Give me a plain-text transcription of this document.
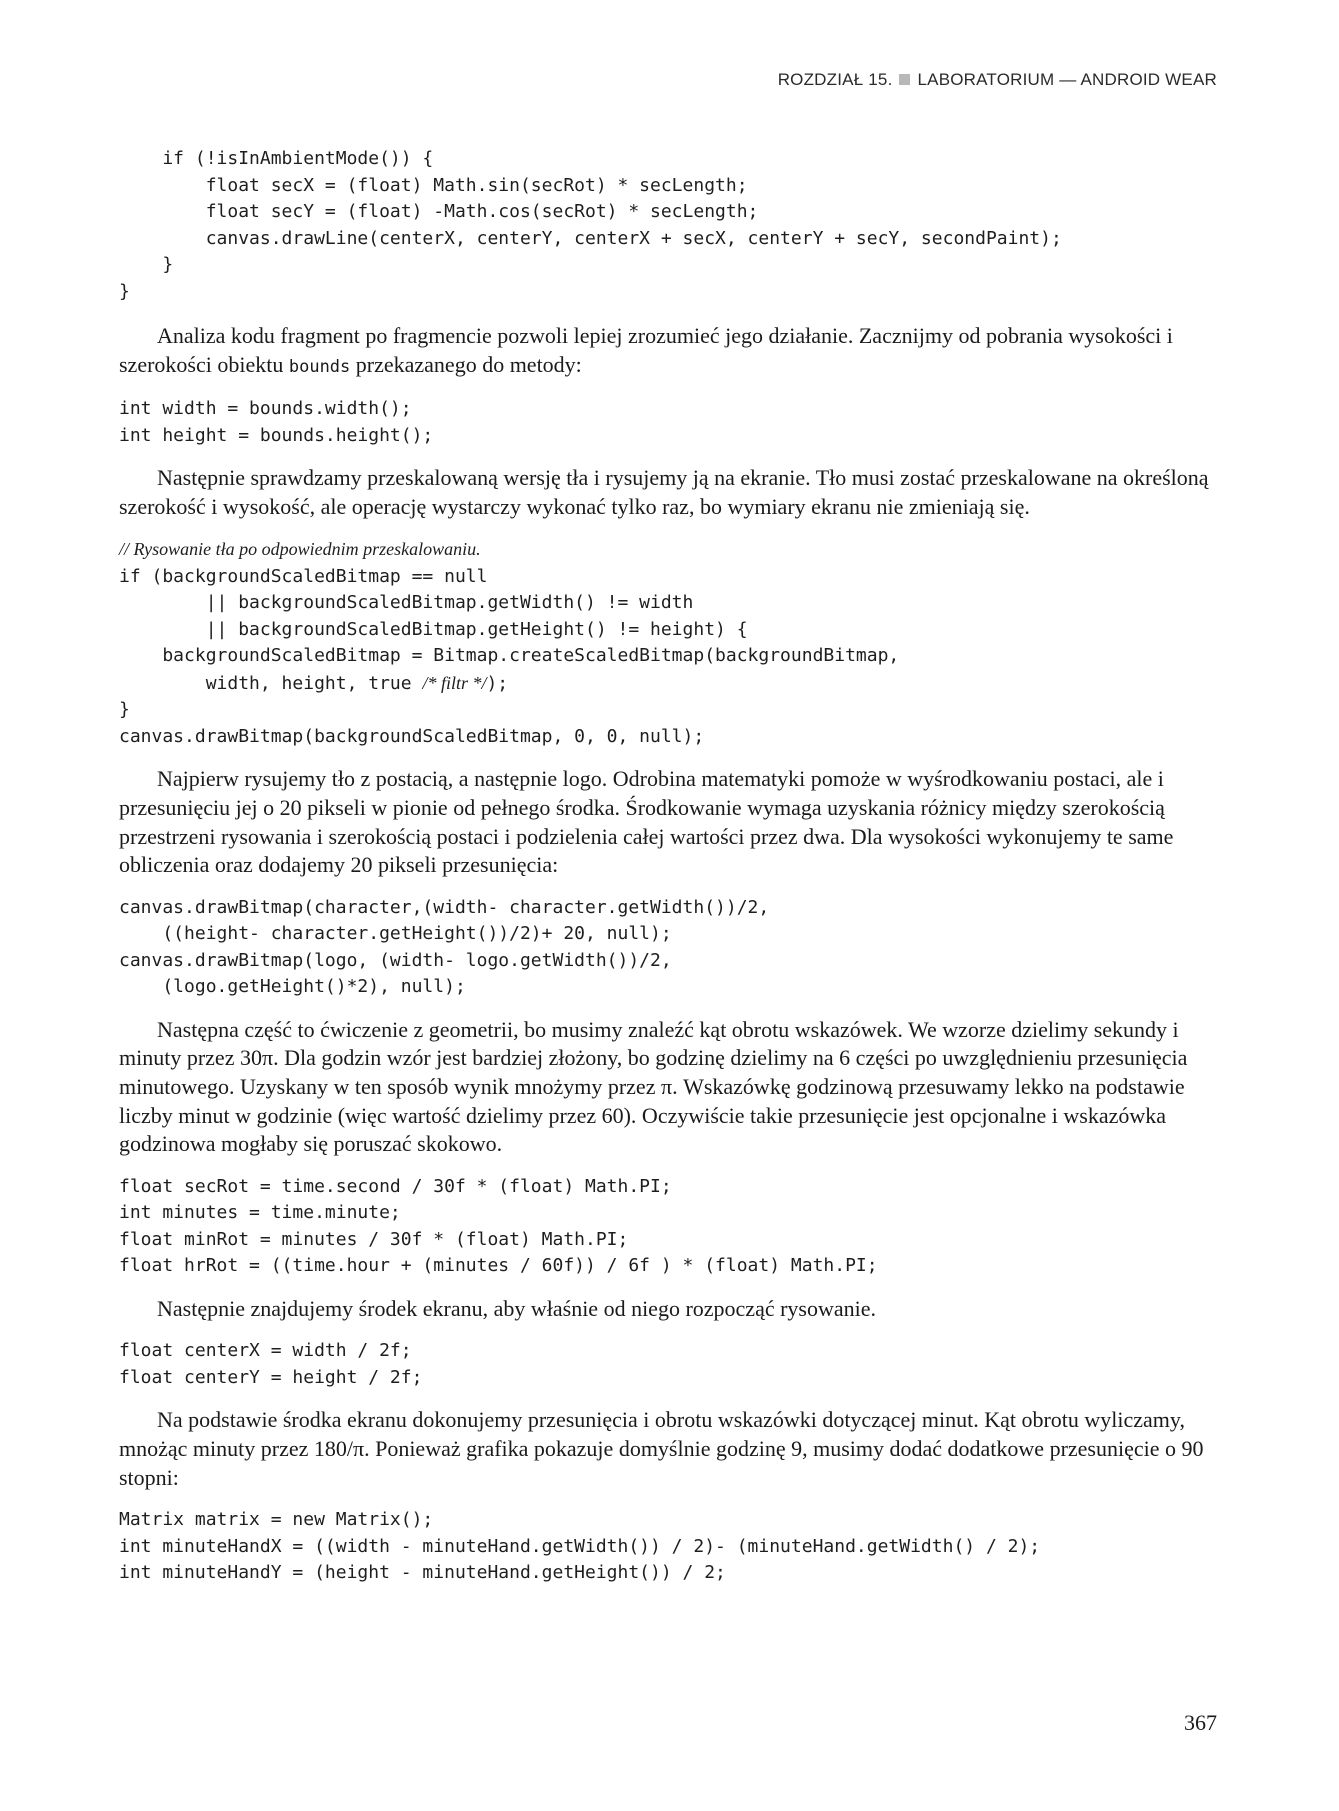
ROZDZIAŁ 15. LABORATORIUM — ANDROID WEAR
if (!isInAmbientMode()) {
float secX = (float) Math.sin(secRot) * secLength;
float secY = (float) -Math.cos(secRot) * secLength;
canvas.drawLine(centerX, centerY, centerX + secX, centerY + secY, secondPaint);
}
}

Analiza kodu fragment po fragmencie pozwoli lepiej zrozumieć jego działanie. Zacznijmy od pobrania wysokości i szerokości obiektu bounds przekazanego do metody:

int width = bounds.width();
int height = bounds.height();

Następnie sprawdzamy przeskalowaną wersję tła i rysujemy ją na ekranie. Tło musi zostać przeskalowane na określoną szerokość i wysokość, ale operację wystarczy wykonać tylko raz, bo wymiary ekranu nie zmieniają się.

// Rysowanie tła po odpowiednim przeskalowaniu.
if (backgroundScaledBitmap == null
|| backgroundScaledBitmap.getWidth() != width
|| backgroundScaledBitmap.getHeight() != height) {
backgroundScaledBitmap = Bitmap.createScaledBitmap(backgroundBitmap,
width, height, true /* filtr */);
}
canvas.drawBitmap(backgroundScaledBitmap, 0, 0, null);

Najpierw rysujemy tło z postacią, a następnie logo. Odrobina matematyki pomoże w wyśrodkowaniu postaci, ale i przesunięciu jej o 20 pikseli w pionie od pełnego środka. Środkowanie wymaga uzyskania różnicy między szerokością przestrzeni rysowania i szerokością postaci i podzielenia całej wartości przez dwa. Dla wysokości wykonujemy te same obliczenia oraz dodajemy 20 pikseli przesunięcia:

canvas.drawBitmap(character,(width- character.getWidth())/2,
((height- character.getHeight())/2)+ 20, null);
canvas.drawBitmap(logo, (width- logo.getWidth())/2,
(logo.getHeight()*2), null);

Następna część to ćwiczenie z geometrii, bo musimy znaleźć kąt obrotu wskazówek. We wzorze dzielimy sekundy i minuty przez 30π. Dla godzin wzór jest bardziej złożony, bo godzinę dzielimy na 6 części po uwzględnieniu przesunięcia minutowego. Uzyskany w ten sposób wynik mnożymy przez π. Wskazówkę godzinową przesuwamy lekko na podstawie liczby minut w godzinie (więc wartość dzielimy przez 60). Oczywiście takie przesunięcie jest opcjonalne i wskazówka godzinowa mogłaby się poruszać skokowo.

float secRot = time.second / 30f * (float) Math.PI;
int minutes = time.minute;
float minRot = minutes / 30f * (float) Math.PI;
float hrRot = ((time.hour + (minutes / 60f)) / 6f ) * (float) Math.PI;

Następnie znajdujemy środek ekranu, aby właśnie od niego rozpocząć rysowanie.

float centerX = width / 2f;
float centerY = height / 2f;

Na podstawie środka ekranu dokonujemy przesunięcia i obrotu wskazówki dotyczącej minut. Kąt obrotu wyliczamy, mnożąc minuty przez 180/π. Ponieważ grafika pokazuje domyślnie godzinę 9, musimy dodać dodatkowe przesunięcie o 90 stopni:

Matrix matrix = new Matrix();
int minuteHandX = ((width - minuteHand.getWidth()) / 2)- (minuteHand.getWidth() / 2);
int minuteHandY = (height - minuteHand.getHeight()) / 2;
367
